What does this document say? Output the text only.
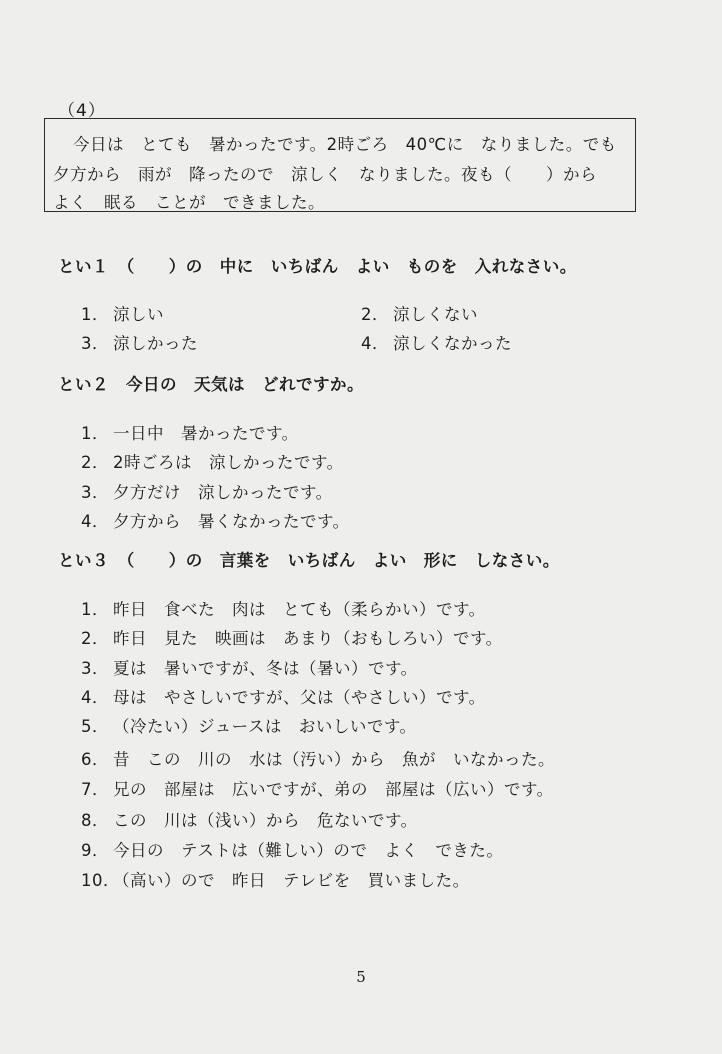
（4）
今日は　とても　暑かったです。2時ごろ　40℃に　なりました。でも
夕方から　雨が　降ったので　涼しく　なりました。夜も（　　）から
よく　眠る　ことが　できました。
とい１　（　　）の　中に　いちばん　よい　ものを　入れなさい。

1． 涼しい
	2． 涼しくない

3． 涼しかった
	4． 涼しくなかった

とい２　今日の　天気は　どれですか。

1． 一日中　暑かったです。

2． 2時ごろは　涼しかったです。

3． 夕方だけ　涼しかったです。

4． 夕方から　暑くなかったです。

とい３　（　　）の　言葉を　いちばん　よい　形に　しなさい。

1． 昨日　食べた　肉は　とても（柔らかい）です。

2． 昨日　見た　映画は　あまり（おもしろい）です。

3． 夏は　暑いですが、冬は（暑い）です。

4． 母は　やさしいですが、父は（やさしい）です。

5． （冷たい）ジュースは　おいしいです。

6． 昔　この　川の　水は（汚い）から　魚が　いなかった。

7． 兄の　部屋は　広いですが、弟の　部屋は（広い）です。

8． この　川は（浅い）から　危ないです。

9． 今日の　テストは（難しい）ので　よく　できた。

10．（高い）ので　昨日　テレビを　買いました。

5
